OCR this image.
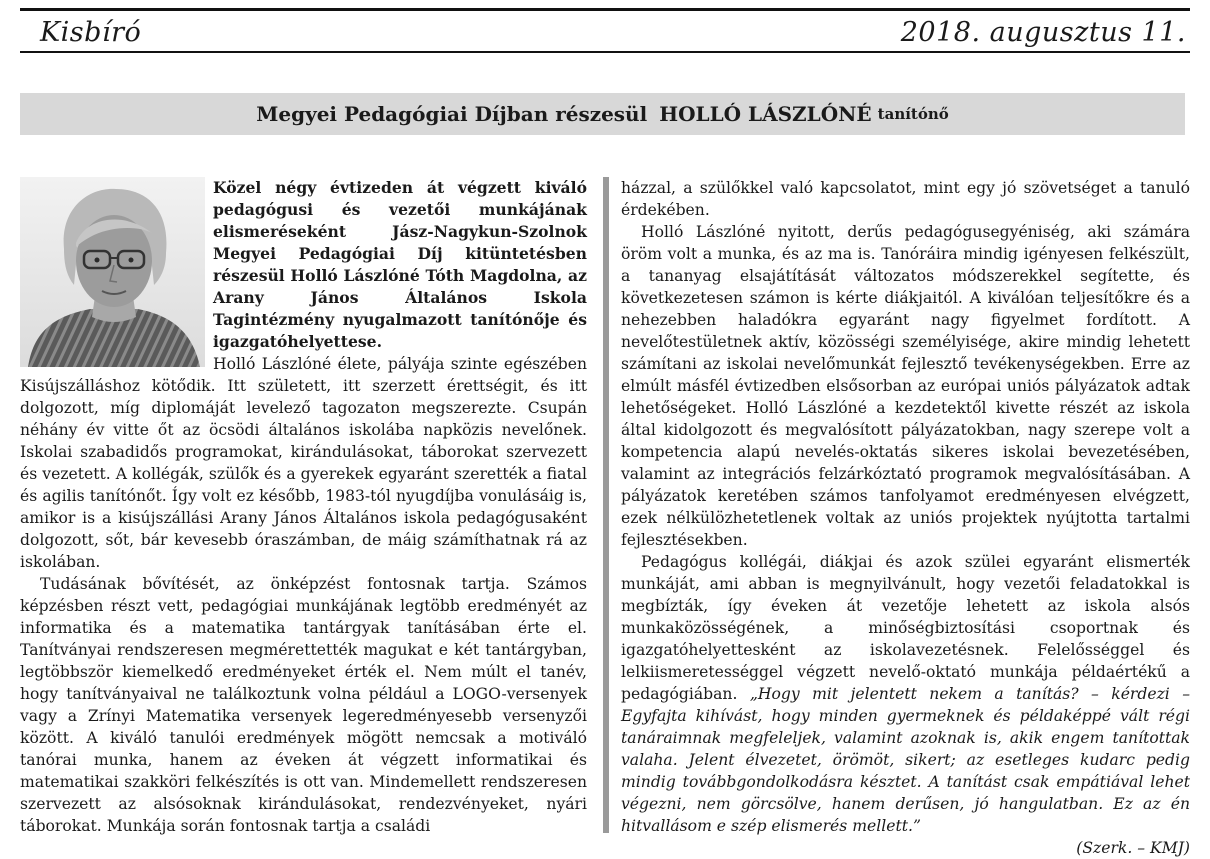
Kisbíró	2018. augusztus 11.
Megyei Pedagógiai Díjban részesül HOLLÓ LÁSZLÓNÉ tanítónő

Közel négy évtizeden át végzett kiváló pedagógusi és vezetői munkájának elismeréseként Jász-Nagykun-Szolnok Megyei Pedagógiai Díj kitüntetésben részesül Holló Lászlóné Tóth Magdolna, az Arany János Általános Iskola Tagintézmény nyugalmazott tanítónője és igazgatóhelyettese.

Holló Lászlóné élete, pályája szinte egészében Kisújszálláshoz kötődik. Itt született, itt szerzett érettségit, és itt dolgozott, míg diplomáját levelező tagozaton megszerezte. Csupán néhány év vitte őt az öcsödi általános iskolába napközis nevelőnek. Iskolai szabadidős programokat, kirándulásokat, táborokat szervezett és vezetett. A kollégák, szülők és a gyerekek egyaránt szerették a fiatal és agilis tanítónőt. Így volt ez később, 1983-tól nyugdíjba vonulásáig is, amikor is a kisújszállási Arany János Általános iskola pedagógusaként dolgozott, sőt, bár kevesebb óraszámban, de máig számíthatnak rá az iskolában.

Tudásának bővítését, az önképzést fontosnak tartja. Számos képzésben részt vett, pedagógiai munkájának legtöbb eredményét az informatika és a matematika tantárgyak tanításában érte el. Tanítványai rendszeresen megmérettették magukat e két tantárgyban, legtöbbször kiemelkedő eredményeket érték el. Nem múlt el tanév, hogy tanítványaival ne találkoztunk volna például a LOGO-versenyek vagy a Zrínyi Matematika versenyek legeredményesebb versenyzői között. A kiváló tanulói eredmények mögött nemcsak a motiváló tanórai munka, hanem az éveken át végzett informatikai és matematikai szakköri felkészítés is ott van. Mindemellett rendszeresen szervezett az alsósoknak kirándulásokat, rendezvényeket, nyári táborokat. Munkája során fontosnak tartja a családi

házzal, a szülőkkel való kapcsolatot, mint egy jó szövetséget a tanuló érdekében.

Holló Lászlóné nyitott, derűs pedagógusegyéniség, aki számára öröm volt a munka, és az ma is. Tanóráira mindig igényesen felkészült, a tananyag elsajátítását változatos módszerekkel segítette, és következetesen számon is kérte diákjaitól. A kiválóan teljesítőkre és a nehezebben haladókra egyaránt nagy figyelmet fordított. A nevelőtestületnek aktív, közösségi személyisége, akire mindig lehetett számítani az iskolai nevelőmunkát fejlesztő tevékenységekben. Erre az elmúlt másfél évtizedben elsősorban az európai uniós pályázatok adtak lehetőségeket. Holló Lászlóné a kezdetektől kivette részét az iskola által kidolgozott és megvalósított pályázatokban, nagy szerepe volt a kompetencia alapú nevelés-oktatás sikeres iskolai bevezetésében, valamint az integrációs felzárkóztató programok megvalósításában. A pályázatok keretében számos tanfolyamot eredményesen elvégzett, ezek nélkülözhetetlenek voltak az uniós projektek nyújtotta tartalmi fejlesztésekben.

Pedagógus kollégái, diákjai és azok szülei egyaránt elismerték munkáját, ami abban is megnyilvánult, hogy vezetői feladatokkal is megbízták, így éveken át vezetője lehetett az iskola alsós munkaközösségének, a minőségbiztosítási csoportnak és igazgatóhelyettesként az iskolavezetésnek. Felelősséggel és lelkiismeretességgel végzett nevelő-oktató munkája példaértékű a pedagógiában. „Hogy mit jelentett nekem a tanítás? – kérdezi – Egyfajta kihívást, hogy minden gyermeknek és példaképpé vált régi tanáraimnak megfeleljek, valamint azoknak is, akik engem tanítottak valaha. Jelent élvezetet, örömöt, sikert; az esetleges kudarc pedig mindig továbbgondolkodásra késztet. A tanítást csak empátiával lehet végezni, nem görcsölve, hanem derűsen, jó hangulatban. Ez az én hitvallásom e szép elismerés mellett.”

(Szerk. – KMJ)
